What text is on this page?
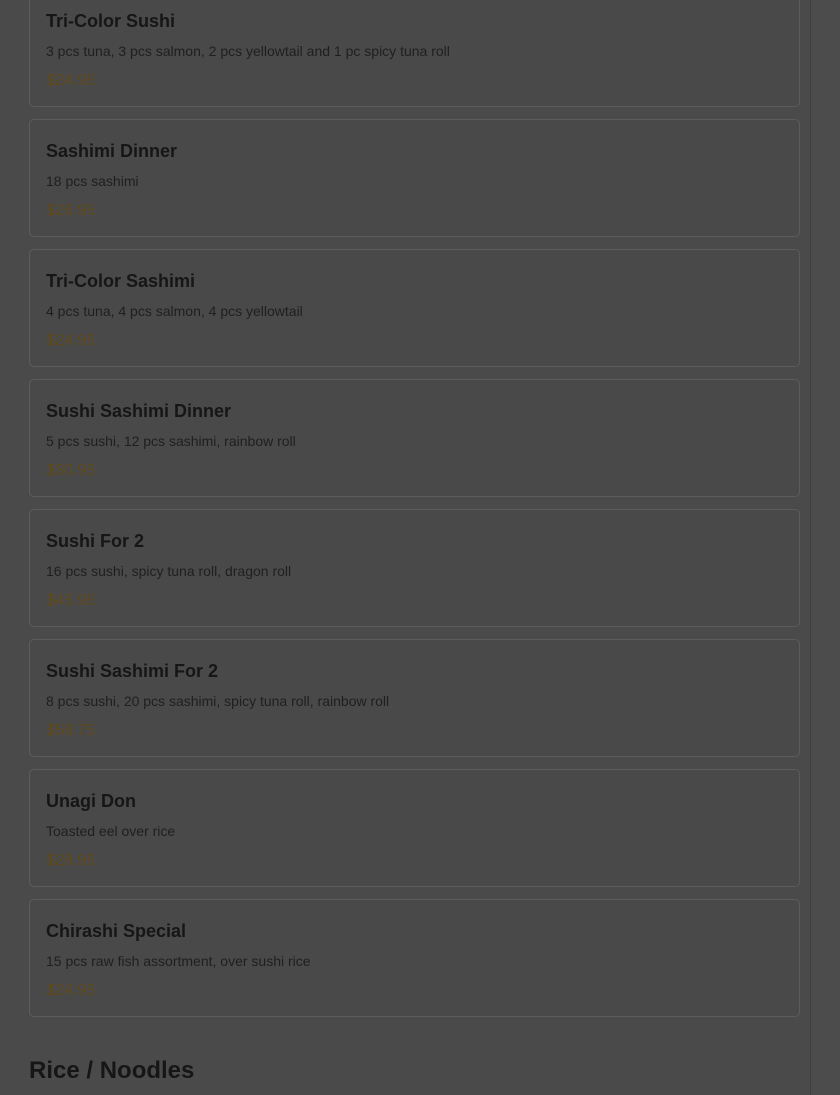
Tri-Color Sushi
3 pcs tuna, 3 pcs salmon, 2 pcs yellowtail and 1 pc spicy tuna roll
$24.95
Sashimi Dinner
18 pcs sashimi
$26.95
Tri-Color Sashimi
4 pcs tuna, 4 pcs salmon, 4 pcs yellowtail
$24.95
Sushi Sashimi Dinner
5 pcs sushi, 12 pcs sashimi, rainbow roll
$30.95
Sushi For 2
16 pcs sushi, spicy tuna roll, dragon roll
$45.95
Sushi Sashimi For 2
8 pcs sushi, 20 pcs sashimi, spicy tuna roll, rainbow roll
$58.75
Unagi Don
Toasted eel over rice
$28.95
Chirashi Special
15 pcs raw fish assortment, over sushi rice
$24.95
Rice / Noodles
